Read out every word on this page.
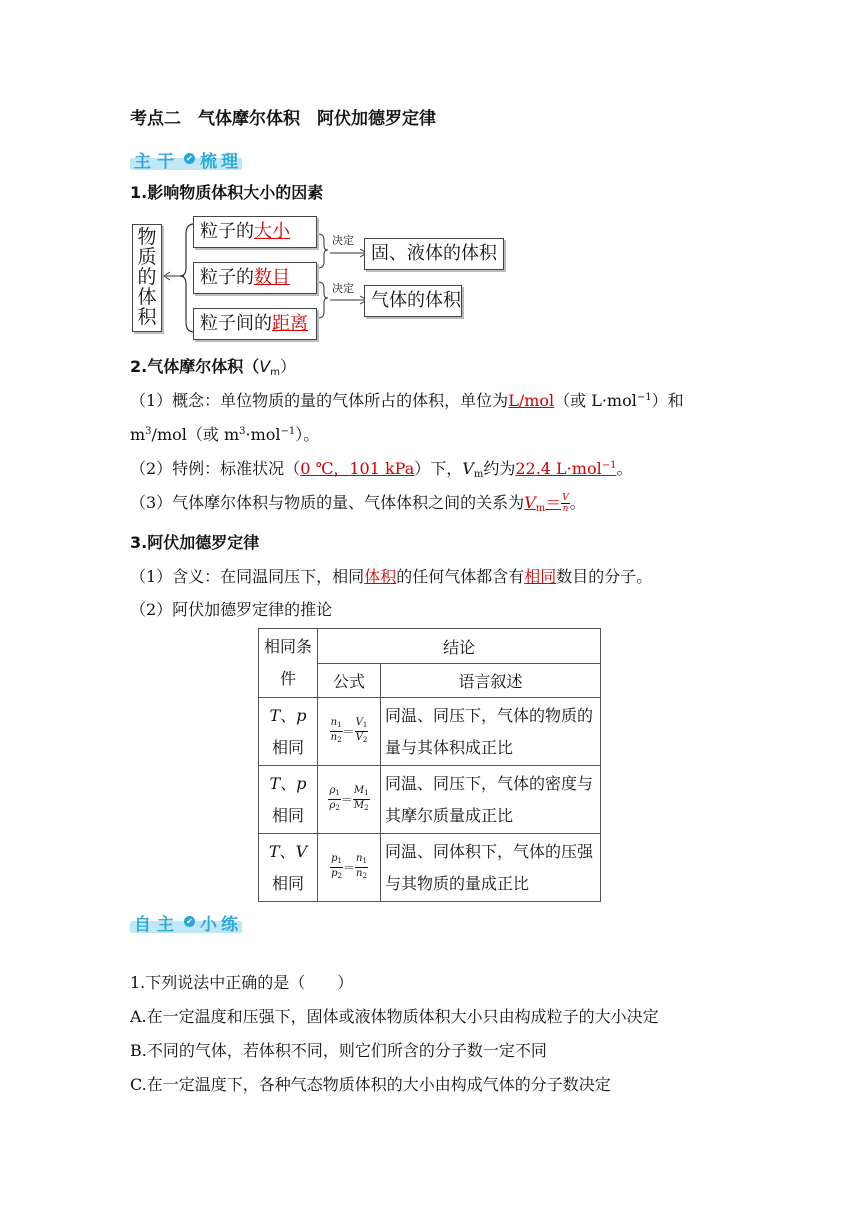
考点二　气体摩尔体积　阿伏加德罗定律
主干 ✔ 梳理
1.影响物质体积大小的因素
物质的体积
粒子的大小
粒子的数目
粒子间的距离
决定
决定
固、液体的体积
气体的体积
2.气体摩尔体积$(V_m)$
（1）概念：单位物质的量的气体所占的体积，单位为L/mol（或 L·mol$^{-1}$）和
$m^3/mol$（或 $m^3\cdot mol^{-1}$）。
（2）特例：标准状况（0 ℃，101 kPa）下，$V_m$约为22.4 L·mol$^{-1}$。
（3）气体摩尔体积与物质的量、气体体积之间的关系为$V_m= \frac{V}{n}$ 。
3.阿伏加德罗定律
（1）含义：在同温同压下，相同体积的任何气体都含有相同数目的分子。
（2）阿伏加德罗定律的推论
相同条件	结论	
	公式	语言叙述
T、p 相同	$\frac{n_1}{n_2} = \frac{V_1}{V_2}$	同温、同压下，气体的物质的量与其体积成正比
T、p 相同	$\frac{\rho_1}{\rho_2} = \frac{M_1}{M_2}$	同温、同压下，气体的密度与其摩尔质量成正比
T、V 相同	$\frac{p_1}{p_2} = \frac{n_1}{n_2}$	同温、同体积下，气体的压强与其物质的量成正比
自主 ✔ 小练
1.下列说法中正确的是（　　）
A.在一定温度和压强下，固体或液体物质体积大小只由构成粒子的大小决定
B.不同的气体，若体积不同，则它们所含的分子数一定不同
C.在一定温度下，各种气态物质体积的大小由构成气体的分子数决定
